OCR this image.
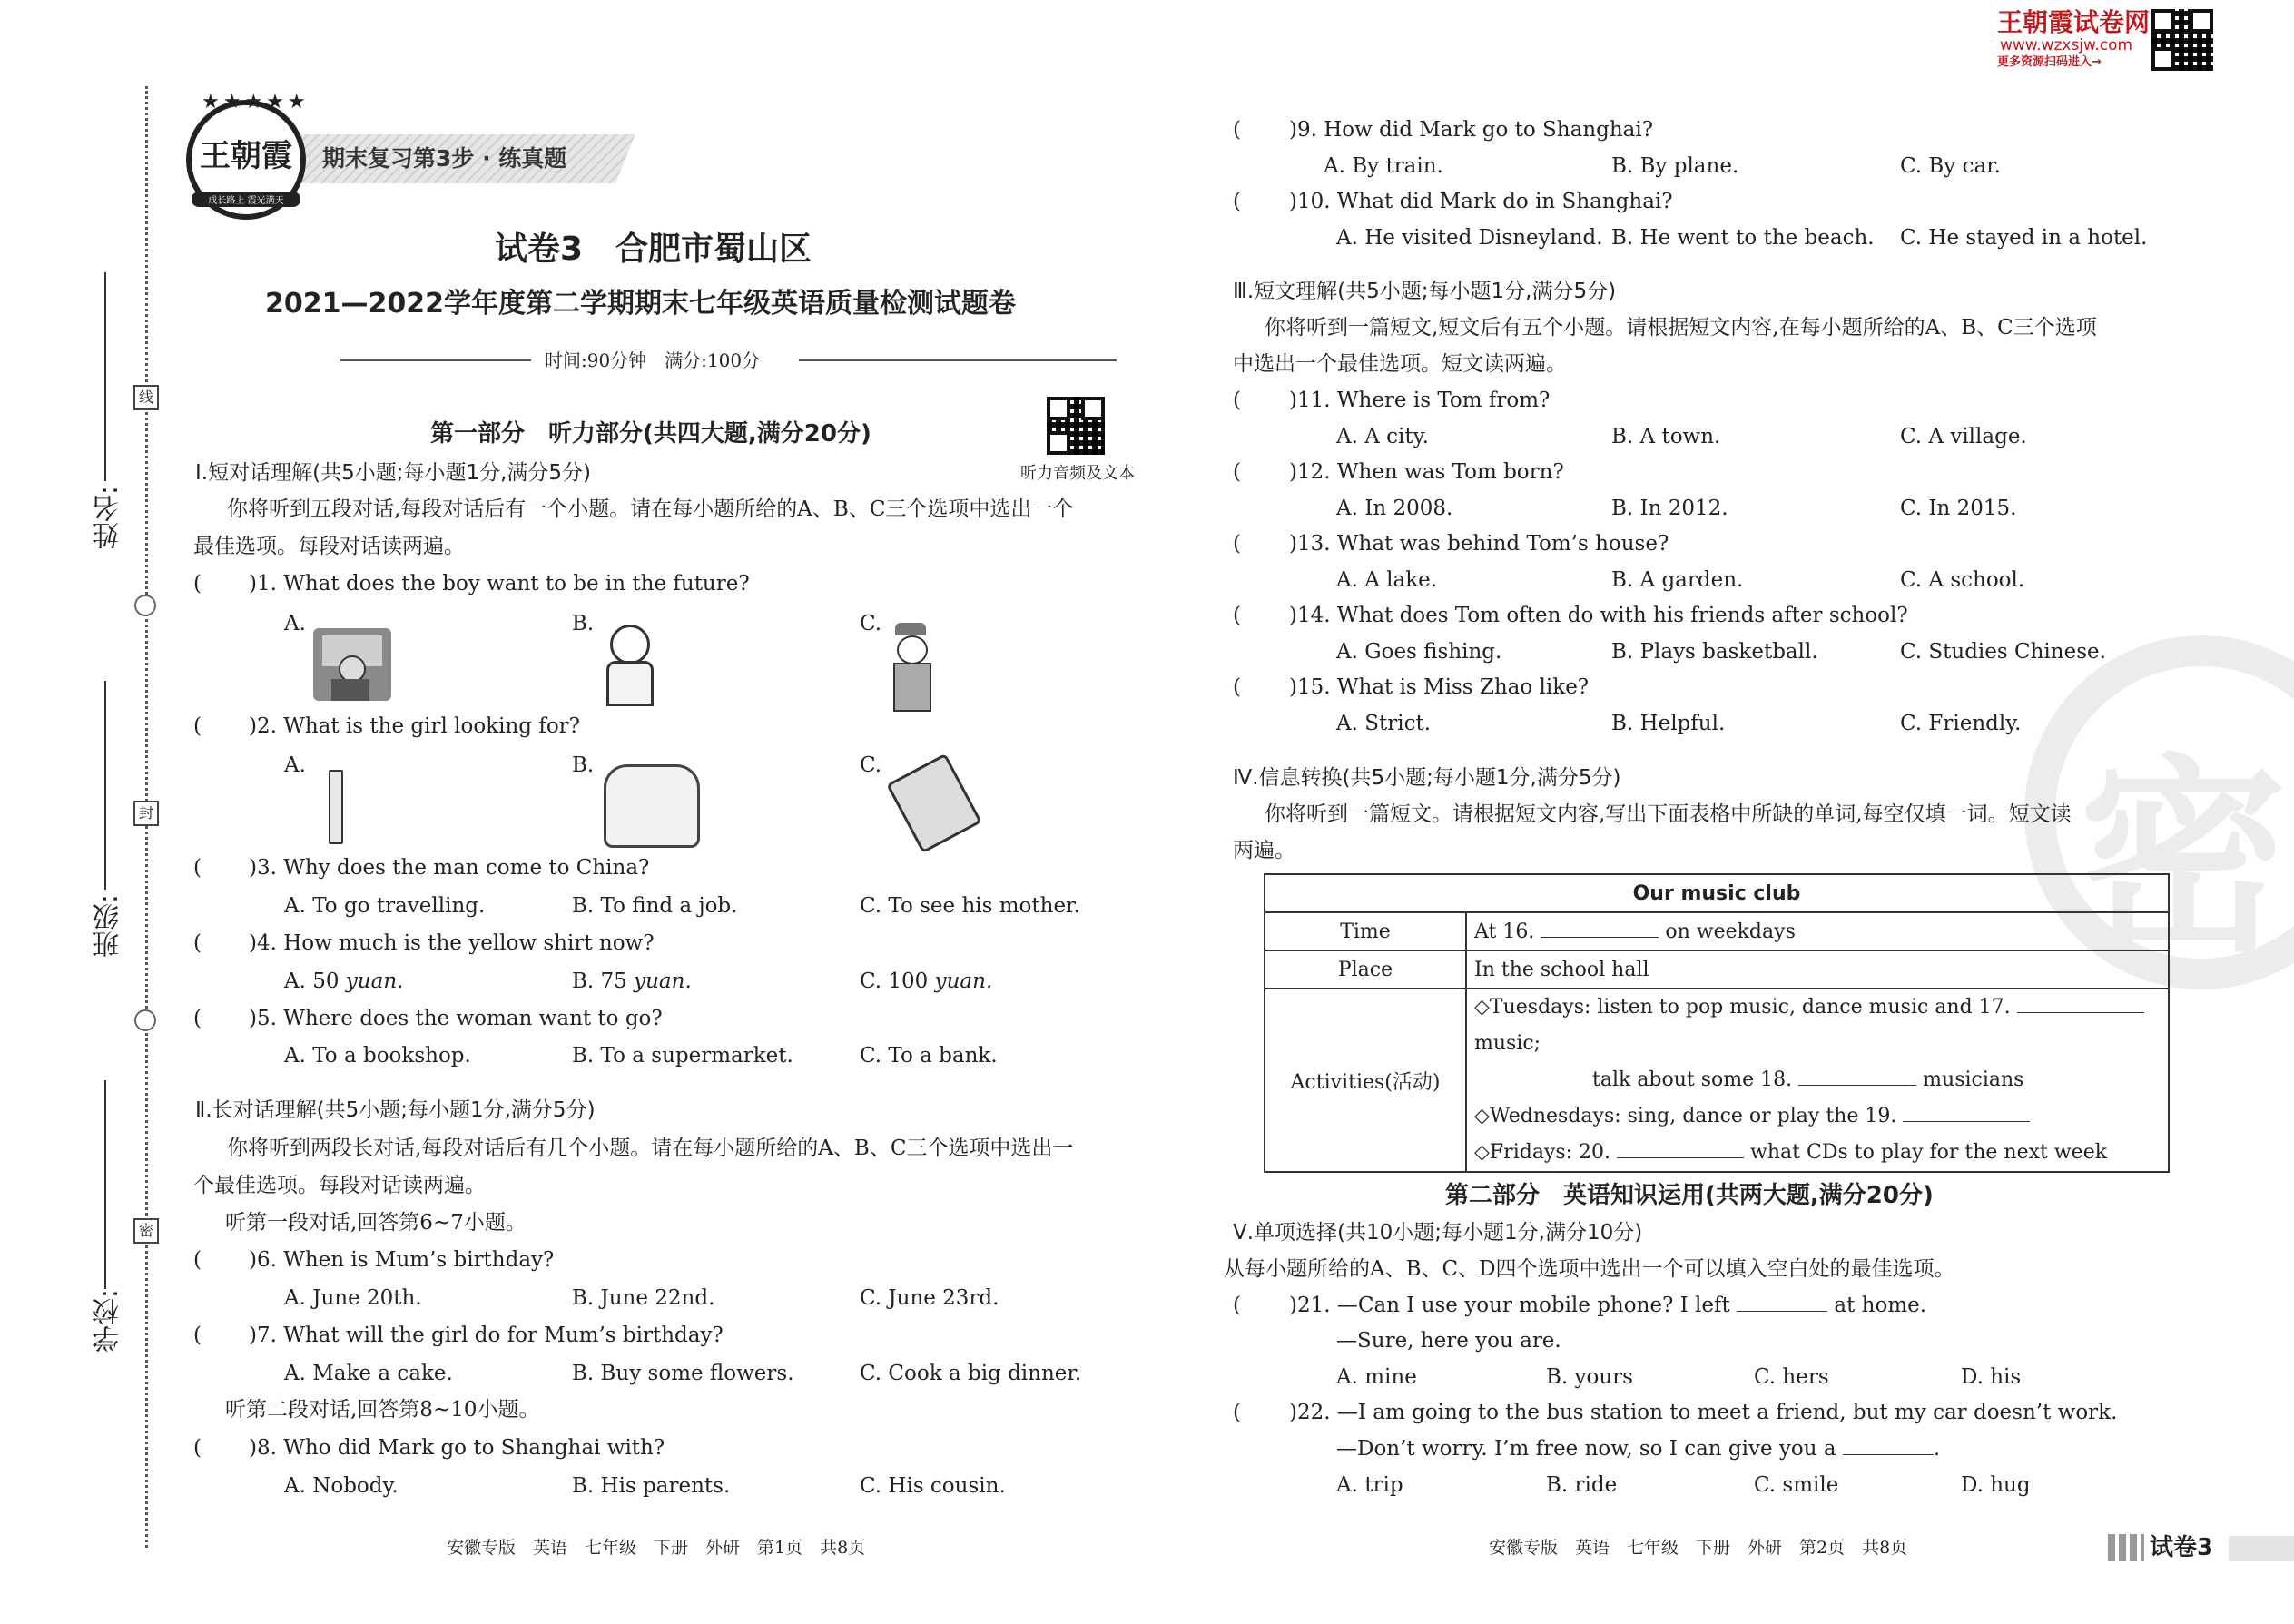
姓名:
班级:
学校:
线
封
密
期末复习第3步 · 练真题
王朝霞
成长路上 霞光满天
★★★★★
试卷3　合肥市蜀山区
2021—2022学年度第二学期期末七年级英语质量检测试题卷
时间:90分钟　满分:100分
听力音频及文本
王朝霞试卷网
www.wzxsjw.com
更多资源扫码进入→
密
第一部分　听力部分(共四大题,满分20分)
Ⅰ.短对话理解(共5小题;每小题1分,满分5分)
你将听到五段对话,每段对话后有一个小题。请在每小题所给的A、B、C三个选项中选出一个
最佳选项。每段对话读两遍。
( )1. What does the boy want to be in the future?
A.	B.	C.
( )2. What is the girl looking for?
A.	B.	C.
( )3. Why does the man come to China?
A. To go travelling.	B. To find a job.	C. To see his mother.
( )4. How much is the yellow shirt now?
A. 50 yuan.	B. 75 yuan.	C. 100 yuan.
( )5. Where does the woman want to go?
A. To a bookshop.	B. To a supermarket.	C. To a bank.
Ⅱ.长对话理解(共5小题;每小题1分,满分5分)
你将听到两段长对话,每段对话后有几个小题。请在每小题所给的A、B、C三个选项中选出一
个最佳选项。每段对话读两遍。
听第一段对话,回答第6~7小题。
( )6. When is Mum’s birthday?
A. June 20th.	B. June 22nd.	C. June 23rd.
( )7. What will the girl do for Mum’s birthday?
A. Make a cake.	B. Buy some flowers.	C. Cook a big dinner.
听第二段对话,回答第8~10小题。
( )8. Who did Mark go to Shanghai with?
A. Nobody.	B. His parents.	C. His cousin.
安徽专版　英语　七年级　下册　外研　第1页　共8页
( )9. How did Mark go to Shanghai?
A. By train.	B. By plane.	C. By car.
( )10. What did Mark do in Shanghai?
A. He visited Disneyland. B. He went to the beach. C. He stayed in a hotel.
Ⅲ.短文理解(共5小题;每小题1分,满分5分)
你将听到一篇短文,短文后有五个小题。请根据短文内容,在每小题所给的A、B、C三个选项
中选出一个最佳选项。短文读两遍。
( )11. Where is Tom from?
A. A city.	B. A town.	C. A village.
( )12. When was Tom born?
A. In 2008.	B. In 2012.	C. In 2015.
( )13. What was behind Tom’s house?
A. A lake.	B. A garden.	C. A school.
( )14. What does Tom often do with his friends after school?
A. Goes fishing.	B. Plays basketball.	C. Studies Chinese.
( )15. What is Miss Zhao like?
A. Strict.	B. Helpful.	C. Friendly.
Ⅳ.信息转换(共5小题;每小题1分,满分5分)
你将听到一篇短文。请根据短文内容,写出下面表格中所缺的单词,每空仅填一词。短文读
两遍。
Our music club	
Time	At 16. on weekdays
Place	In the school hall
Activities(活动)	◇Tuesdays: listen to pop music, dance music and 17.  music;
talk about some 18. musicians
◇Wednesdays: sing, dance or play the 19.
◇Fridays: 20. what CDs to play for the next week
第二部分　英语知识运用(共两大题,满分20分)
Ⅴ.单项选择(共10小题;每小题1分,满分10分)
从每小题所给的A、B、C、D四个选项中选出一个可以填入空白处的最佳选项。
( )21. —Can I use your mobile phone? I left	at home.
—Sure, here you are.
A. mine	B. yours	C. hers	D. his
( )22. —I am going to the bus station to meet a friend, but my car doesn’t work.
—Don’t worry. I’m free now, so I can give you a	.
A. trip	B. ride	C. smile	D. hug
安徽专版　英语　七年级　下册　外研　第2页　共8页	试卷3
